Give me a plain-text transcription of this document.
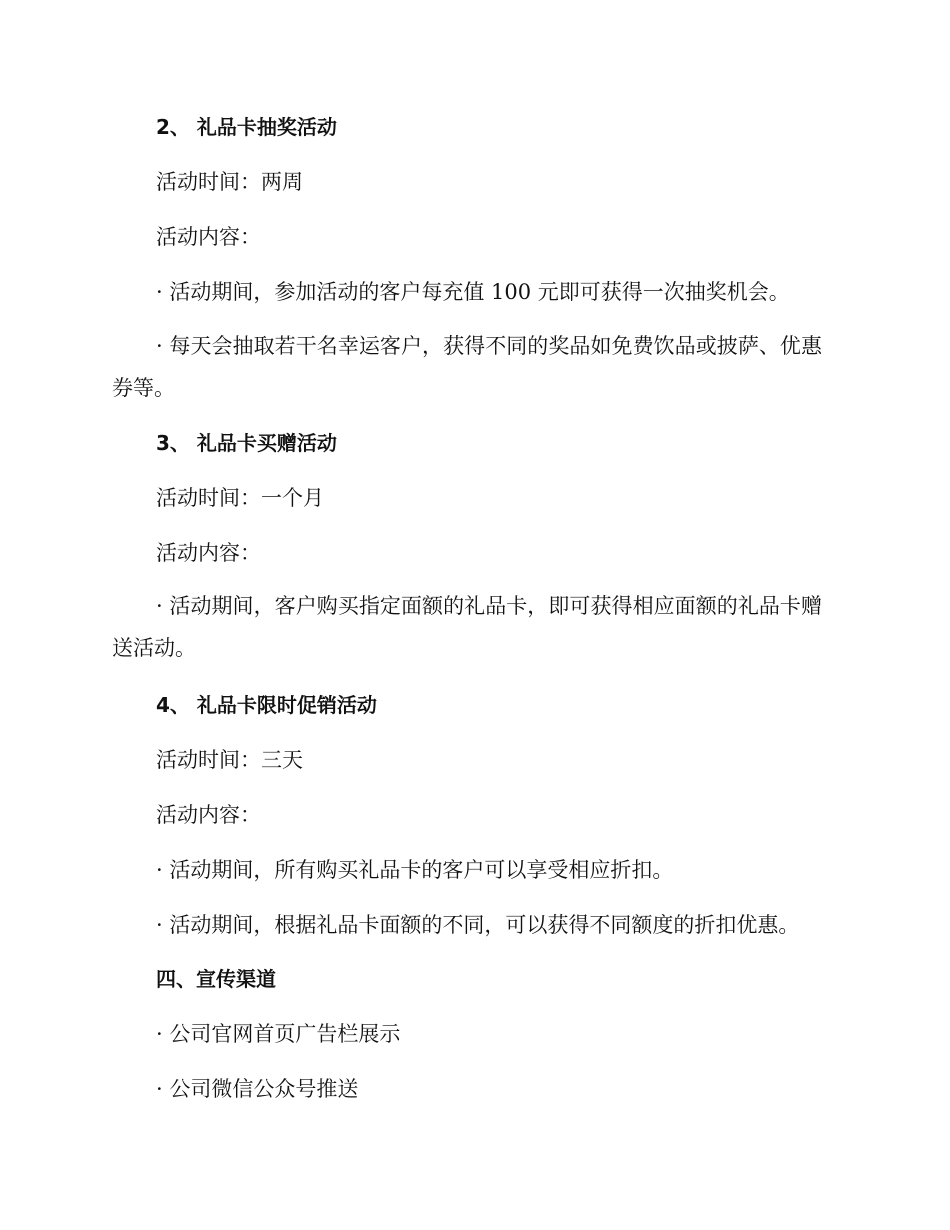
2、 礼品卡抽奖活动
活动时间：两周
活动内容：
· 活动期间，参加活动的客户每充值 100 元即可获得一次抽奖机会。
· 每天会抽取若干名幸运客户，获得不同的奖品如免费饮品或披萨、优惠券等。
3、 礼品卡买赠活动
活动时间：一个月
活动内容：
· 活动期间，客户购买指定面额的礼品卡，即可获得相应面额的礼品卡赠送活动。
4、 礼品卡限时促销活动
活动时间：三天
活动内容：
· 活动期间，所有购买礼品卡的客户可以享受相应折扣。
· 活动期间，根据礼品卡面额的不同，可以获得不同额度的折扣优惠。
四、宣传渠道
· 公司官网首页广告栏展示
· 公司微信公众号推送
